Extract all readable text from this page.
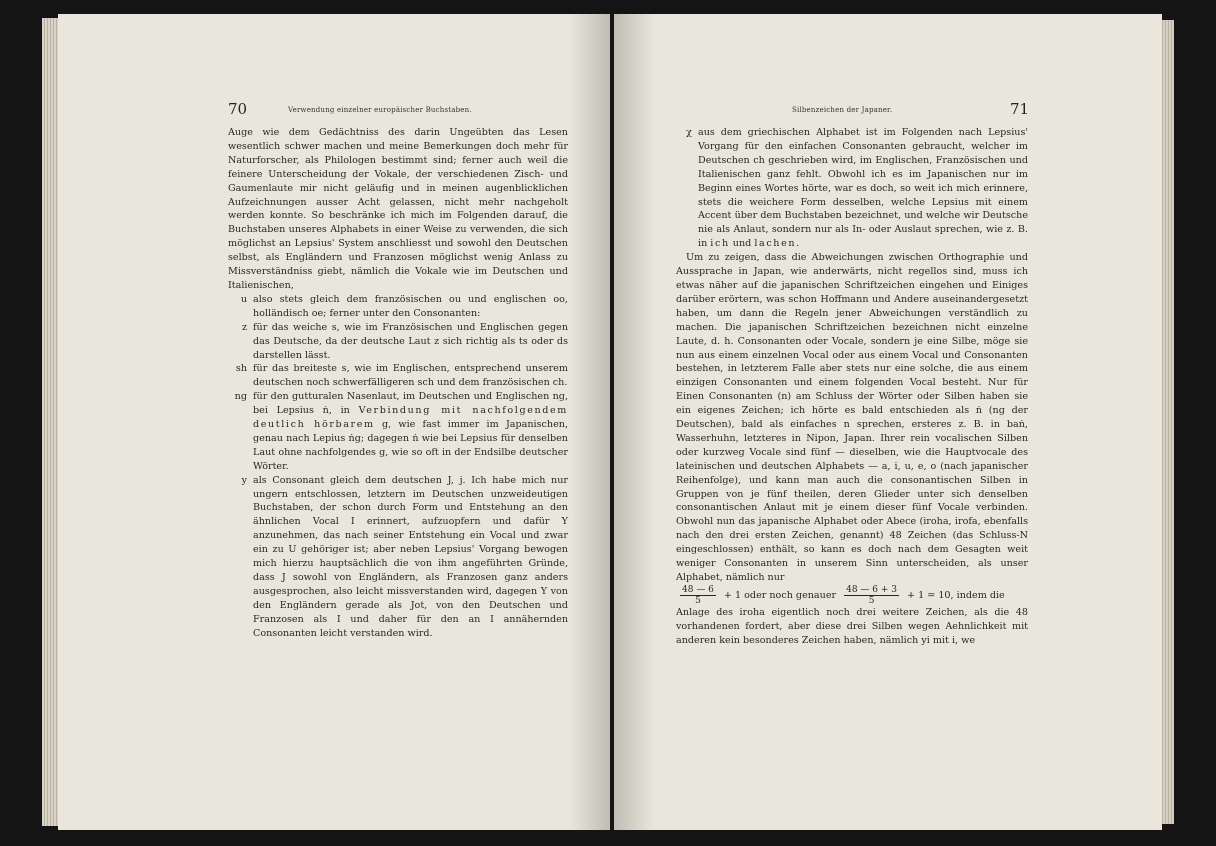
70	Verwendung einzelner europäischer Buchstaben.

Auge wie dem Gedächtniss des darin Ungeübten das Lesen wesentlich schwer machen und meine Bemerkungen doch mehr für Naturforscher, als Philologen bestimmt sind; ferner auch weil die feinere Unterscheidung der Vokale, der verschiedenen Zisch- und Gaumenlaute mir nicht geläufig und in meinen augenblicklichen Aufzeichnungen ausser Acht gelassen, nicht mehr nachgeholt werden konnte. So beschränke ich mich im Folgenden darauf, die Buchstaben unseres Alphabets in einer Weise zu verwenden, die sich möglichst an Lepsius' System anschliesst und sowohl den Deutschen selbst, als Engländern und Franzosen möglichst wenig Anlass zu Missverständniss giebt, nämlich die Vokale wie im Deutschen und Italienischen,

u also stets gleich dem französischen ou und englischen oo, holländisch oe; ferner unter den Consonanten:
z für das weiche s, wie im Französischen und Englischen gegen das Deutsche, da der deutsche Laut z sich richtig als ts oder ds darstellen lässt.
sh für das breiteste s, wie im Englischen, entsprechend unserem deutschen noch schwerfälligeren sch und dem französischen ch.
ng für den gutturalen Nasenlaut, im Deutschen und Englischen ng, bei Lepsius ṅ, in Verbindung mit nachfolgendem deutlich hörbarem g, wie fast immer im Japanischen, genau nach Lepius ṅg; dagegen ṅ wie bei Lepsius für denselben Laut ohne nachfolgendes g, wie so oft in der Endsilbe deutscher Wörter.
y als Consonant gleich dem deutschen J, j. Ich habe mich nur ungern entschlossen, letztern im Deutschen unzweideutigen Buchstaben, der schon durch Form und Entstehung an den ähnlichen Vocal I erinnert, aufzuopfern und dafür Y anzunehmen, das nach seiner Entstehung ein Vocal und zwar ein zu U gehöriger ist; aber neben Lepsius' Vorgang bewogen mich hierzu hauptsächlich die von ihm angeführten Gründe, dass J sowohl von Engländern, als Franzosen ganz anders ausgesprochen, also leicht missverstanden wird, dagegen Y von den Engländern gerade als Jot, von den Deutschen und Franzosen als I und daher für den an I annähernden Consonanten leicht verstanden wird.
Silbenzeichen der Japaner.	71
χ aus dem griechischen Alphabet ist im Folgenden nach Lepsius' Vorgang für den einfachen Consonanten gebraucht, welcher im Deutschen ch geschrieben wird, im Englischen, Französischen und Italienischen ganz fehlt. Obwohl ich es im Japanischen nur im Beginn eines Wortes hörte, war es doch, so weit ich mich erinnere, stets die weichere Form desselben, welche Lepsius mit einem Accent über dem Buchstaben bezeichnet, und welche wir Deutsche nie als Anlaut, sondern nur als In- oder Auslaut sprechen, wie z. B. in ich und lachen.

Um zu zeigen, dass die Abweichungen zwischen Orthographie und Aussprache in Japan, wie anderwärts, nicht regellos sind, muss ich etwas näher auf die japanischen Schriftzeichen eingehen und Einiges darüber erörtern, was schon Hoffmann und Andere auseinandergesetzt haben, um dann die Regeln jener Abweichungen verständlich zu machen. Die japanischen Schriftzeichen bezeichnen nicht einzelne Laute, d. h. Consonanten oder Vocale, sondern je eine Silbe, möge sie nun aus einem einzelnen Vocal oder aus einem Vocal und Consonanten bestehen, in letzterem Falle aber stets nur eine solche, die aus einem einzigen Consonanten und einem folgenden Vocal besteht. Nur für Einen Consonanten (n) am Schluss der Wörter oder Silben haben sie ein eigenes Zeichen; ich hörte es bald entschieden als ṅ (ng der Deutschen), bald als einfaches n sprechen, ersteres z. B. in baṅ, Wasserhuhn, letzteres in Nipon, Japan. Ihrer rein vocalischen Silben oder kurzweg Vocale sind fünf — dieselben, wie die Hauptvocale des lateinischen und deutschen Alphabets — a, i, u, e, o (nach japanischer Reihenfolge), und kann man auch die consonantischen Silben in Gruppen von je fünf theilen, deren Glieder unter sich denselben consonantischen Anlaut mit je einem dieser fünf Vocale verbinden. Obwohl nun das japanische Alphabet oder Abece (iroha, irofa, ebenfalls nach den drei ersten Zeichen, genannt) 48 Zeichen (das Schluss-N eingeschlossen) enthält, so kann es doch nach dem Gesagten weit weniger Consonanten in unserem Sinn unterscheiden, als unser Alphabet, nämlich nur

$\frac{48 — 6}{5} + 1$ oder noch genauer $\frac{48 — 6 + 3}{5} + 1 = 10$, indem die

Anlage des iroha eigentlich noch drei weitere Zeichen, als die 48 vorhandenen fordert, aber diese drei Silben wegen Aehnlichkeit mit anderen kein besonderes Zeichen haben, nämlich yi mit i, we
